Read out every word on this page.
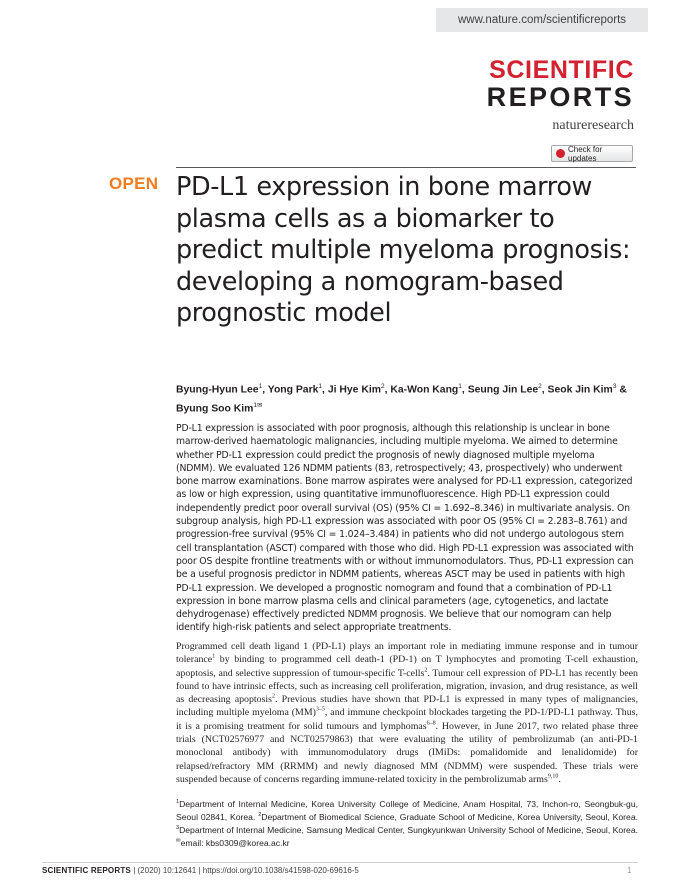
www.nature.com/scientificreports
SCIENTIFIC
REPORTS
natureresearch
Check for updates
OPEN PD-L1 expression in bone marrow plasma cells as a biomarker to predict multiple myeloma prognosis: developing a nomogram-based prognostic model
Byung-Hyun Lee$^1$, Yong Park$^1$, Ji Hye Kim$^2$, Ka-Won Kang$^1$, Seung Jin Lee$^2$, Seok Jin Kim$^3$ & Byung Soo Kim$^{1✉}$

PD-L1 expression is associated with poor prognosis, although this relationship is unclear in bone marrow-derived haematologic malignancies, including multiple myeloma. We aimed to determine whether PD-L1 expression could predict the prognosis of newly diagnosed multiple myeloma (NDMM). We evaluated 126 NDMM patients (83, retrospectively; 43, prospectively) who underwent bone marrow examinations. Bone marrow aspirates were analysed for PD-L1 expression, categorized as low or high expression, using quantitative immunofluorescence. High PD-L1 expression could independently predict poor overall survival (OS) (95% CI = 1.692–8.346) in multivariate analysis. On subgroup analysis, high PD-L1 expression was associated with poor OS (95% CI = 2.283–8.761) and progression-free survival (95% CI = 1.024–3.484) in patients who did not undergo autologous stem cell transplantation (ASCT) compared with those who did. High PD-L1 expression was associated with poor OS despite frontline treatments with or without immunomodulators. Thus, PD-L1 expression can be a useful prognosis predictor in NDMM patients, whereas ASCT may be used in patients with high PD-L1 expression. We developed a prognostic nomogram and found that a combination of PD-L1 expression in bone marrow plasma cells and clinical parameters (age, cytogenetics, and lactate dehydrogenase) effectively predicted NDMM prognosis. We believe that our nomogram can help identify high-risk patients and select appropriate treatments.

Programmed cell death ligand 1 (PD-L1) plays an important role in mediating immune response and in tumour tolerance$^1$ by binding to programmed cell death-1 (PD-1) on T lymphocytes and promoting T-cell exhaustion, apoptosis, and selective suppression of tumour-specific T-cells$^2$. Tumour cell expression of PD-L1 has recently been found to have intrinsic effects, such as increasing cell proliferation, migration, invasion, and drug resistance, as well as decreasing apoptosis$^2$. Previous studies have shown that PD-L1 is expressed in many types of malignancies, including multiple myeloma (MM)$^{3-5}$, and immune checkpoint blockades targeting the PD-1/PD-L1 pathway. Thus, it is a promising treatment for solid tumours and lymphomas$^{6-8}$. However, in June 2017, two related phase three trials (NCT02576977 and NCT02579863) that were evaluating the utility of pembrolizumab (an anti-PD-1 monoclonal antibody) with immunomodulatory drugs (IMiDs: pomalidomide and lenalidomide) for relapsed/refractory MM (RRMM) and newly diagnosed MM (NDMM) were suspended. These trials were suspended because of concerns regarding immune-related toxicity in the pembrolizumab arms$^{9,10}$.

$^1$Department of Internal Medicine, Korea University College of Medicine, Anam Hospital, 73, Inchon-ro, Seongbuk-gu, Seoul 02841, Korea. $^2$Department of Biomedical Science, Graduate School of Medicine, Korea University, Seoul, Korea. $^3$Department of Internal Medicine, Samsung Medical Center, Sungkyunkwan University School of Medicine, Seoul, Korea. ✉email: kbs0309@korea.ac.kr

SCIENTIFIC REPORTS | (2020) 10:12641 | https://doi.org/10.1038/s41598-020-69616-5	1
